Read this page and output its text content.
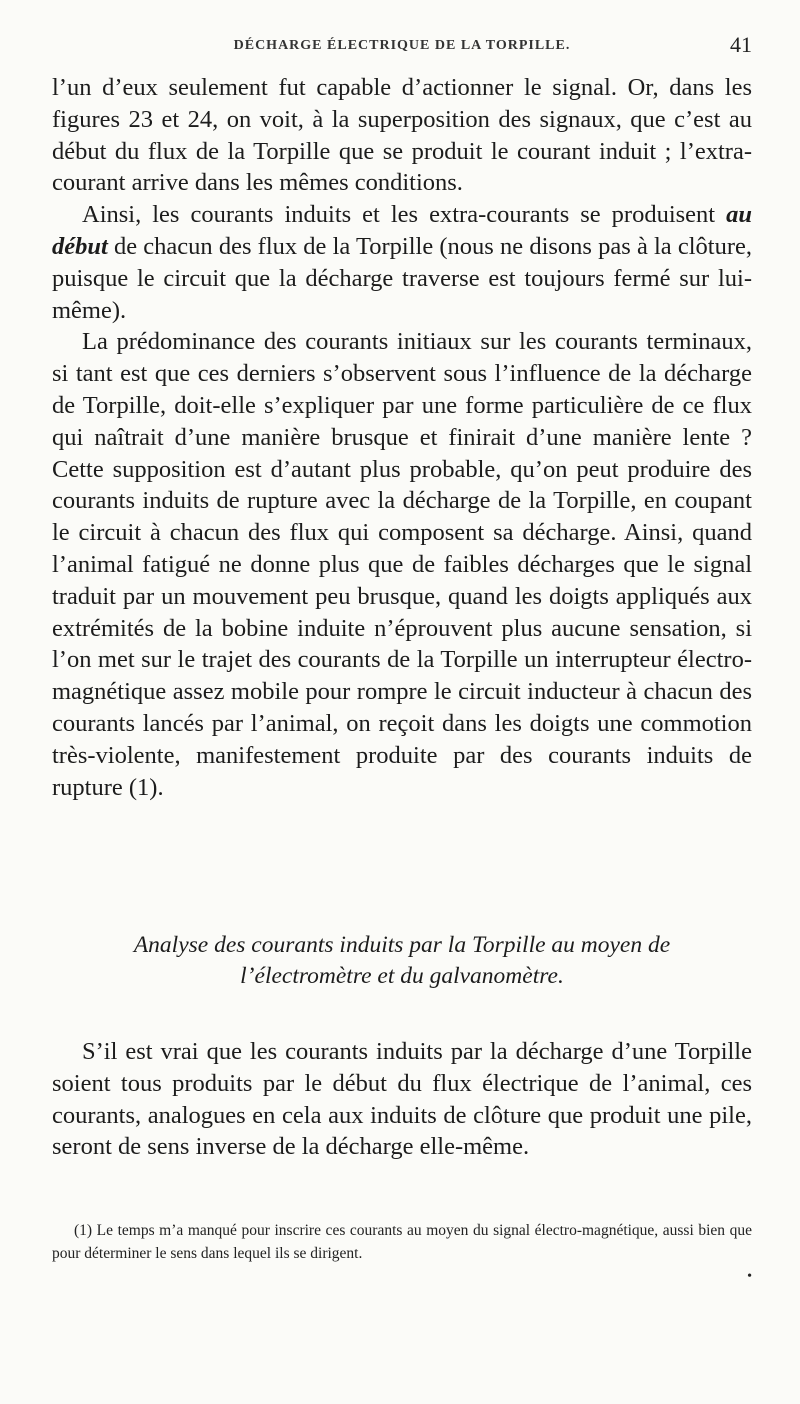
DÉCHARGE ÉLECTRIQUE DE LA TORPILLE.	41

l’un d’eux seulement fut capable d’actionner le signal. Or, dans les figures 23 et 24, on voit, à la superposition des signaux, que c’est au début du flux de la Torpille que se produit le courant induit ; l’extra-courant arrive dans les mêmes conditions.

Ainsi, les courants induits et les extra-courants se produisent au début de chacun des flux de la Torpille (nous ne disons pas à la clôture, puisque le circuit que la décharge traverse est toujours fermé sur lui-même).

La prédominance des courants initiaux sur les courants terminaux, si tant est que ces derniers s’observent sous l’influence de la décharge de Torpille, doit-elle s’expliquer par une forme particulière de ce flux qui naîtrait d’une manière brusque et finirait d’une manière lente ? Cette supposition est d’autant plus probable, qu’on peut produire des courants induits de rupture avec la décharge de la Torpille, en coupant le circuit à chacun des flux qui composent sa décharge. Ainsi, quand l’animal fatigué ne donne plus que de faibles décharges que le signal traduit par un mouvement peu brusque, quand les doigts appliqués aux extrémités de la bobine induite n’éprouvent plus aucune sensation, si l’on met sur le trajet des courants de la Torpille un interrupteur électro-magnétique assez mobile pour rompre le circuit inducteur à chacun des courants lancés par l’animal, on reçoit dans les doigts une commotion très-violente, manifestement produite par des courants induits de rupture (1).

Analyse des courants induits par la Torpille au moyen de
l’électromètre et du galvanomètre.

S’il est vrai que les courants induits par la décharge d’une Torpille soient tous produits par le début du flux électrique de l’animal, ces courants, analogues en cela aux induits de clôture que produit une pile, seront de sens inverse de la décharge elle-même.

(1) Le temps m’a manqué pour inscrire ces courants au moyen du signal électro-magnétique, aussi bien que pour déterminer le sens dans lequel ils se dirigent.

•
